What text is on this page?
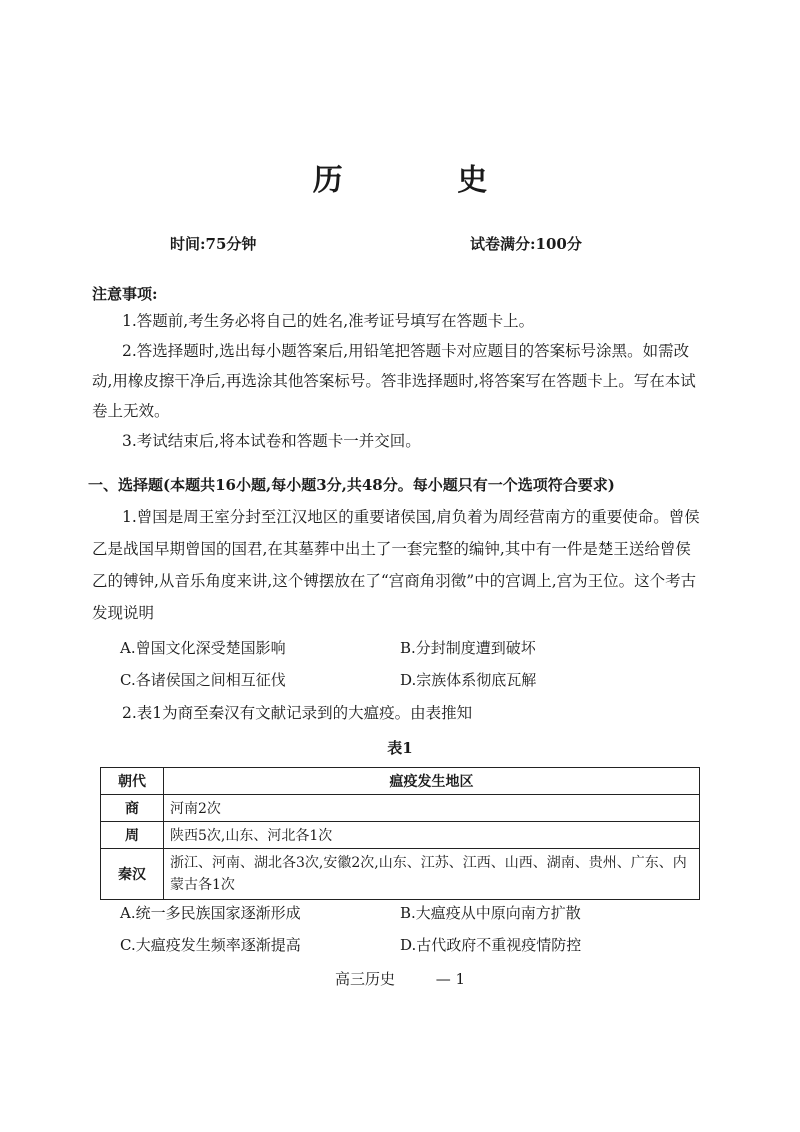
历 史
时间:75分钟	试卷满分:100分
注意事项:
1.答题前,考生务必将自己的姓名,准考证号填写在答题卡上。
2.答选择题时,选出每小题答案后,用铅笔把答题卡对应题目的答案标号涂黑。如需改动,用橡皮擦干净后,再选涂其他答案标号。答非选择题时,将答案写在答题卡上。写在本试卷上无效。
3.考试结束后,将本试卷和答题卡一并交回。
一、选择题(本题共16小题,每小题3分,共48分。每小题只有一个选项符合要求)
1.曾国是周王室分封至江汉地区的重要诸侯国,肩负着为周经营南方的重要使命。曾侯乙是战国早期曾国的国君,在其墓葬中出土了一套完整的编钟,其中有一件是楚王送给曾侯乙的镈钟,从音乐角度来讲,这个镈摆放在了“宫商角羽徵”中的宫调上,宫为王位。这个考古发现说明
A.曾国文化深受楚国影响	B.分封制度遭到破坏
C.各诸侯国之间相互征伐	D.宗族体系彻底瓦解
2.表1为商至秦汉有文献记录到的大瘟疫。由表推知
表1
朝代	瘟疫发生地区
商	河南2次
周	陕西5次,山东、河北各1次
秦汉	浙江、河南、湖北各3次,安徽2次,山东、江苏、江西、山西、湖南、贵州、广东、内蒙古各1次
A.统一多民族国家逐渐形成	B.大瘟疫从中原向南方扩散
C.大瘟疫发生频率逐渐提高	D.古代政府不重视疫情防控
高三历史	— 1
